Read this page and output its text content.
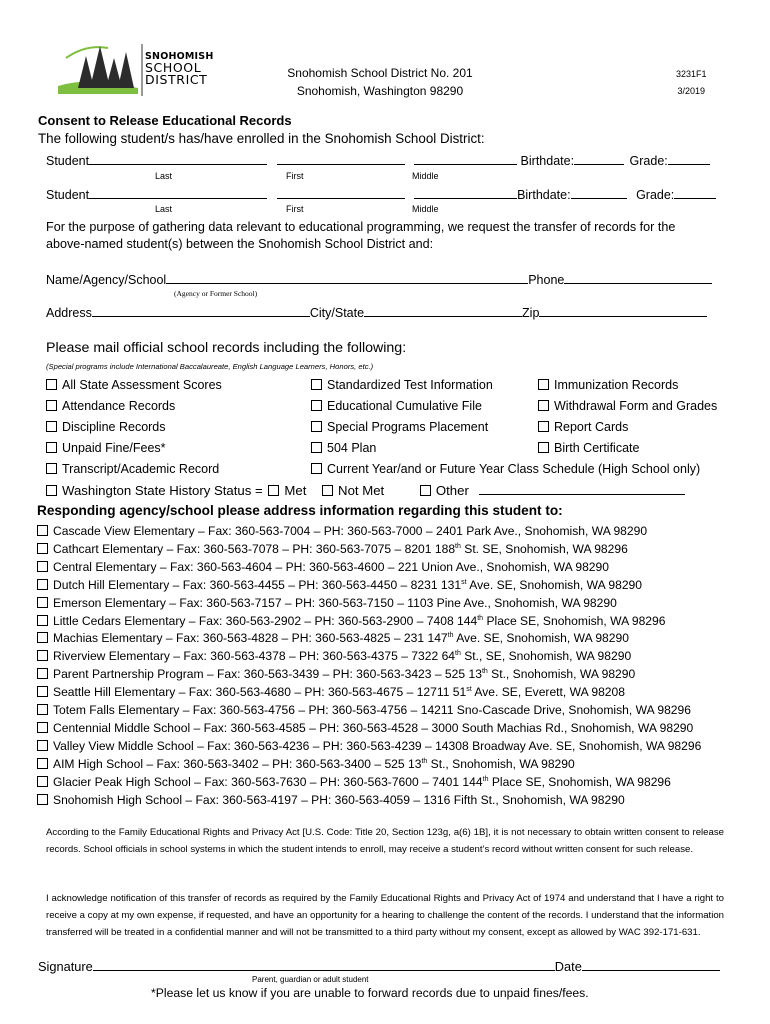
SNOHOMISH
SCHOOL
DISTRICT	Snohomish School District No. 201
Snohomish, Washington 98290
3231F1
3/2019
Consent to Release Educational Records
The following student/s has/have enrolled in the Snohomish School District:
Student	Birthdate:	Grade:
Last	First	Middle
Student	Birthdate:	Grade:
Last	First	Middle
For the purpose of gathering data relevant to educational programming, we request the transfer of records for the above-named student(s) between the Snohomish School District and:
Name/Agency/School	Phone
(Agency or Former School)
Address	City/State	Zip
Please mail official school records including the following:
(Special programs include International Baccalaureate, English Language Learners, Honors, etc.)
All State Assessment Scores
Attendance Records
Discipline Records
Unpaid Fine/Fees*
Transcript/Academic Record
Standardized Test Information
Educational Cumulative File
Special Programs Placement
504 Plan
Current Year/and or Future Year Class Schedule (High School only)
Immunization Records
Withdrawal Form and Grades
Report Cards
Birth Certificate
Washington State History Status = Met Not Met	Other
Responding agency/school please address information regarding this student to:
Cascade View Elementary – Fax: 360-563-7004 – PH: 360-563-7000 – 2401 Park Ave., Snohomish, WA 98290
Cathcart Elementary – Fax: 360-563-7078 – PH: 360-563-7075 – 8201 188th St. SE, Snohomish, WA 98296
Central Elementary – Fax: 360-563-4604 – PH: 360-563-4600 – 221 Union Ave., Snohomish, WA 98290
Dutch Hill Elementary – Fax: 360-563-4455 – PH: 360-563-4450 – 8231 131st Ave. SE, Snohomish, WA 98290
Emerson Elementary – Fax: 360-563-7157 – PH: 360-563-7150 – 1103 Pine Ave., Snohomish, WA 98290
Little Cedars Elementary – Fax: 360-563-2902 – PH: 360-563-2900 – 7408 144th Place SE, Snohomish, WA 98296
Machias Elementary – Fax: 360-563-4828 – PH: 360-563-4825 – 231 147th Ave. SE, Snohomish, WA 98290
Riverview Elementary – Fax: 360-563-4378 – PH: 360-563-4375 – 7322 64th St., SE, Snohomish, WA 98290
Parent Partnership Program – Fax: 360-563-3439 – PH: 360-563-3423 – 525 13th St., Snohomish, WA 98290
Seattle Hill Elementary – Fax: 360-563-4680 – PH: 360-563-4675 – 12711 51st Ave. SE, Everett, WA 98208
Totem Falls Elementary – Fax: 360-563-4756 – PH: 360-563-4756 – 14211 Sno-Cascade Drive, Snohomish, WA 98296
Centennial Middle School – Fax: 360-563-4585 – PH: 360-563-4528 – 3000 South Machias Rd., Snohomish, WA 98290
Valley View Middle School – Fax: 360-563-4236 – PH: 360-563-4239 – 14308 Broadway Ave. SE, Snohomish, WA 98296
AIM High School – Fax: 360-563-3402 – PH: 360-563-3400 – 525 13th St., Snohomish, WA 98290
Glacier Peak High School – Fax: 360-563-7630 – PH: 360-563-7600 – 7401 144th Place SE, Snohomish, WA 98296
Snohomish High School – Fax: 360-563-4197 – PH: 360-563-4059 – 1316 Fifth St., Snohomish, WA 98290
According to the Family Educational Rights and Privacy Act [U.S. Code: Title 20, Section 123g, a(6) 1B], it is not necessary to obtain written consent to release records. School officials in school systems in which the student intends to enroll, may receive a student’s record without written consent for such release.
I acknowledge notification of this transfer of records as required by the Family Educational Rights and Privacy Act of 1974 and understand that I have a right to receive a copy at my own expense, if requested, and have an opportunity for a hearing to challenge the content of the records. I understand that the information transferred will be treated in a confidential manner and will not be transmitted to a third party without my consent, except as allowed by WAC 392-171-631.
Signature	Date
Parent, guardian or adult student
*Please let us know if you are unable to forward records due to unpaid fines/fees.
